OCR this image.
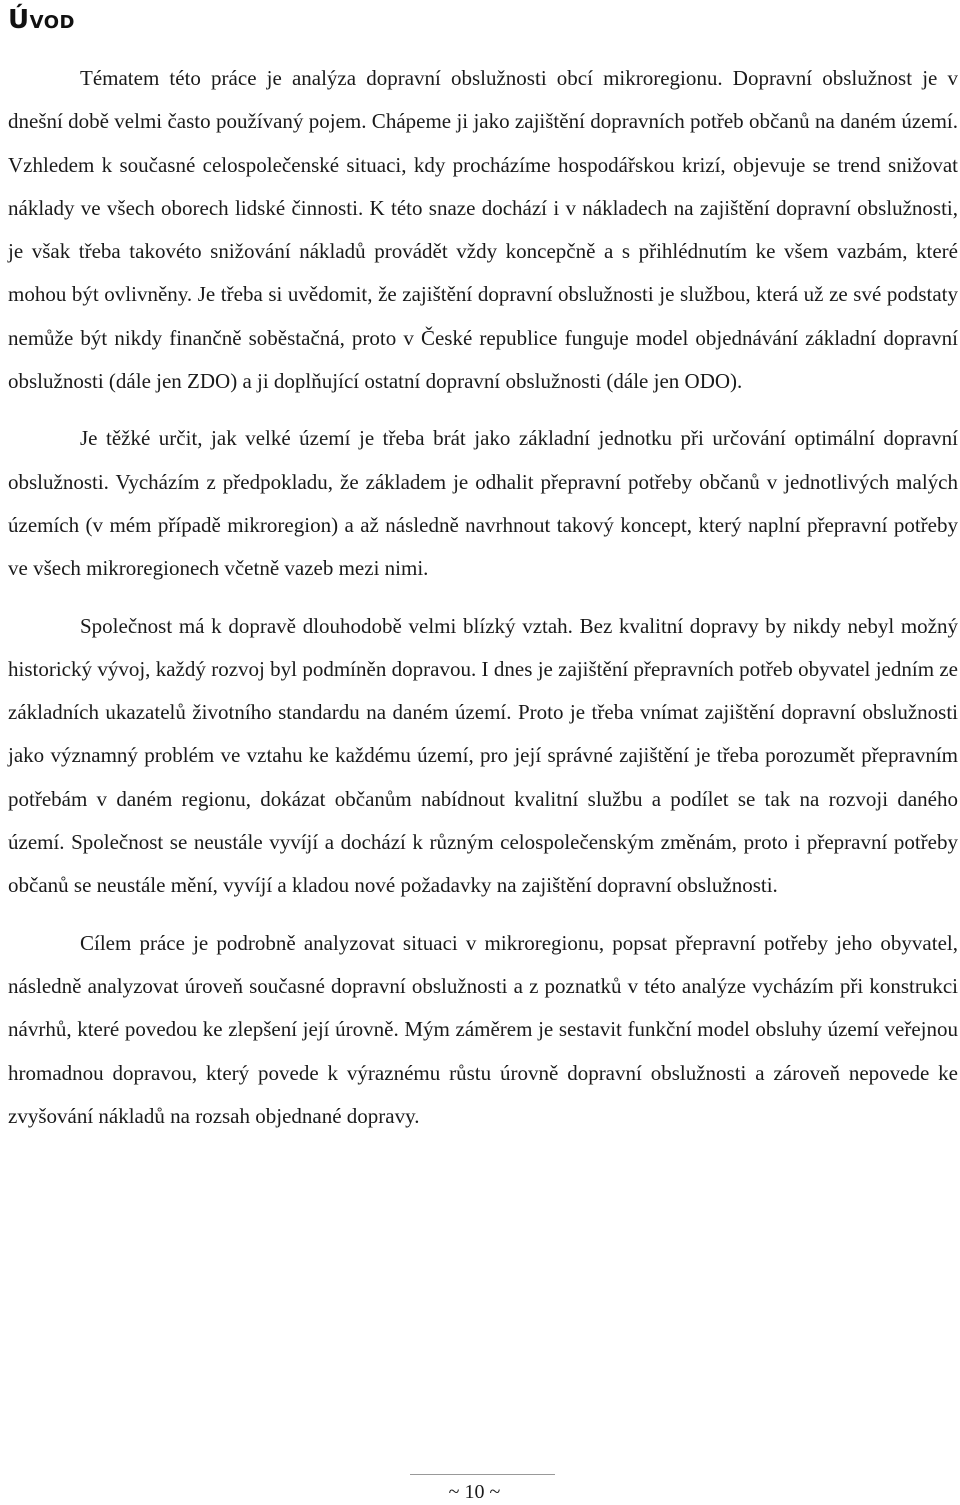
Úvod

Tématem této práce je analýza dopravní obslužnosti obcí mikroregionu. Dopravní obslužnost je v dnešní době velmi často používaný pojem. Chápeme ji jako zajištění dopravních potřeb občanů na daném území. Vzhledem k současné celospolečenské situaci, kdy procházíme hospodářskou krizí, objevuje se trend snižovat náklady ve všech oborech lidské činnosti. K této snaze dochází i v nákladech na zajištění dopravní obslužnosti, je však třeba takovéto snižování nákladů provádět vždy koncepčně a s přihlédnutím ke všem vazbám, které mohou být ovlivněny. Je třeba si uvědomit, že zajištění dopravní obslužnosti je službou, která už ze své podstaty nemůže být nikdy finančně soběstačná, proto v České republice funguje model objednávání základní dopravní obslužnosti (dále jen ZDO) a ji doplňující ostatní dopravní obslužnosti (dále jen ODO).

Je těžké určit, jak velké území je třeba brát jako základní jednotku při určování optimální dopravní obslužnosti. Vycházím z předpokladu, že základem je odhalit přepravní potřeby občanů v jednotlivých malých územích (v mém případě mikroregion) a až následně navrhnout takový koncept, který naplní přepravní potřeby ve všech mikroregionech včetně vazeb mezi nimi.

Společnost má k dopravě dlouhodobě velmi blízký vztah. Bez kvalitní dopravy by nikdy nebyl možný historický vývoj, každý rozvoj byl podmíněn dopravou. I dnes je zajištění přepravních potřeb obyvatel jedním ze základních ukazatelů životního standardu na daném území. Proto je třeba vnímat zajištění dopravní obslužnosti jako významný problém ve vztahu ke každému území, pro její správné zajištění je třeba porozumět přepravním potřebám v daném regionu, dokázat občanům nabídnout kvalitní službu a podílet se tak na rozvoji daného území. Společnost se neustále vyvíjí a dochází k různým celospolečenským změnám, proto i přepravní potřeby občanů se neustále mění, vyvíjí a kladou nové požadavky na zajištění dopravní obslužnosti.

Cílem práce je podrobně analyzovat situaci v mikroregionu, popsat přepravní potřeby jeho obyvatel, následně analyzovat úroveň současné dopravní obslužnosti a z poznatků v této analýze vycházím při konstrukci návrhů, které povedou ke zlepšení její úrovně. Mým záměrem je sestavit funkční model obsluhy území veřejnou hromadnou dopravou, který povede k výraznému růstu úrovně dopravní obslužnosti a zároveň nepovede ke zvyšování nákladů na rozsah objednané dopravy.

~ 10 ~
